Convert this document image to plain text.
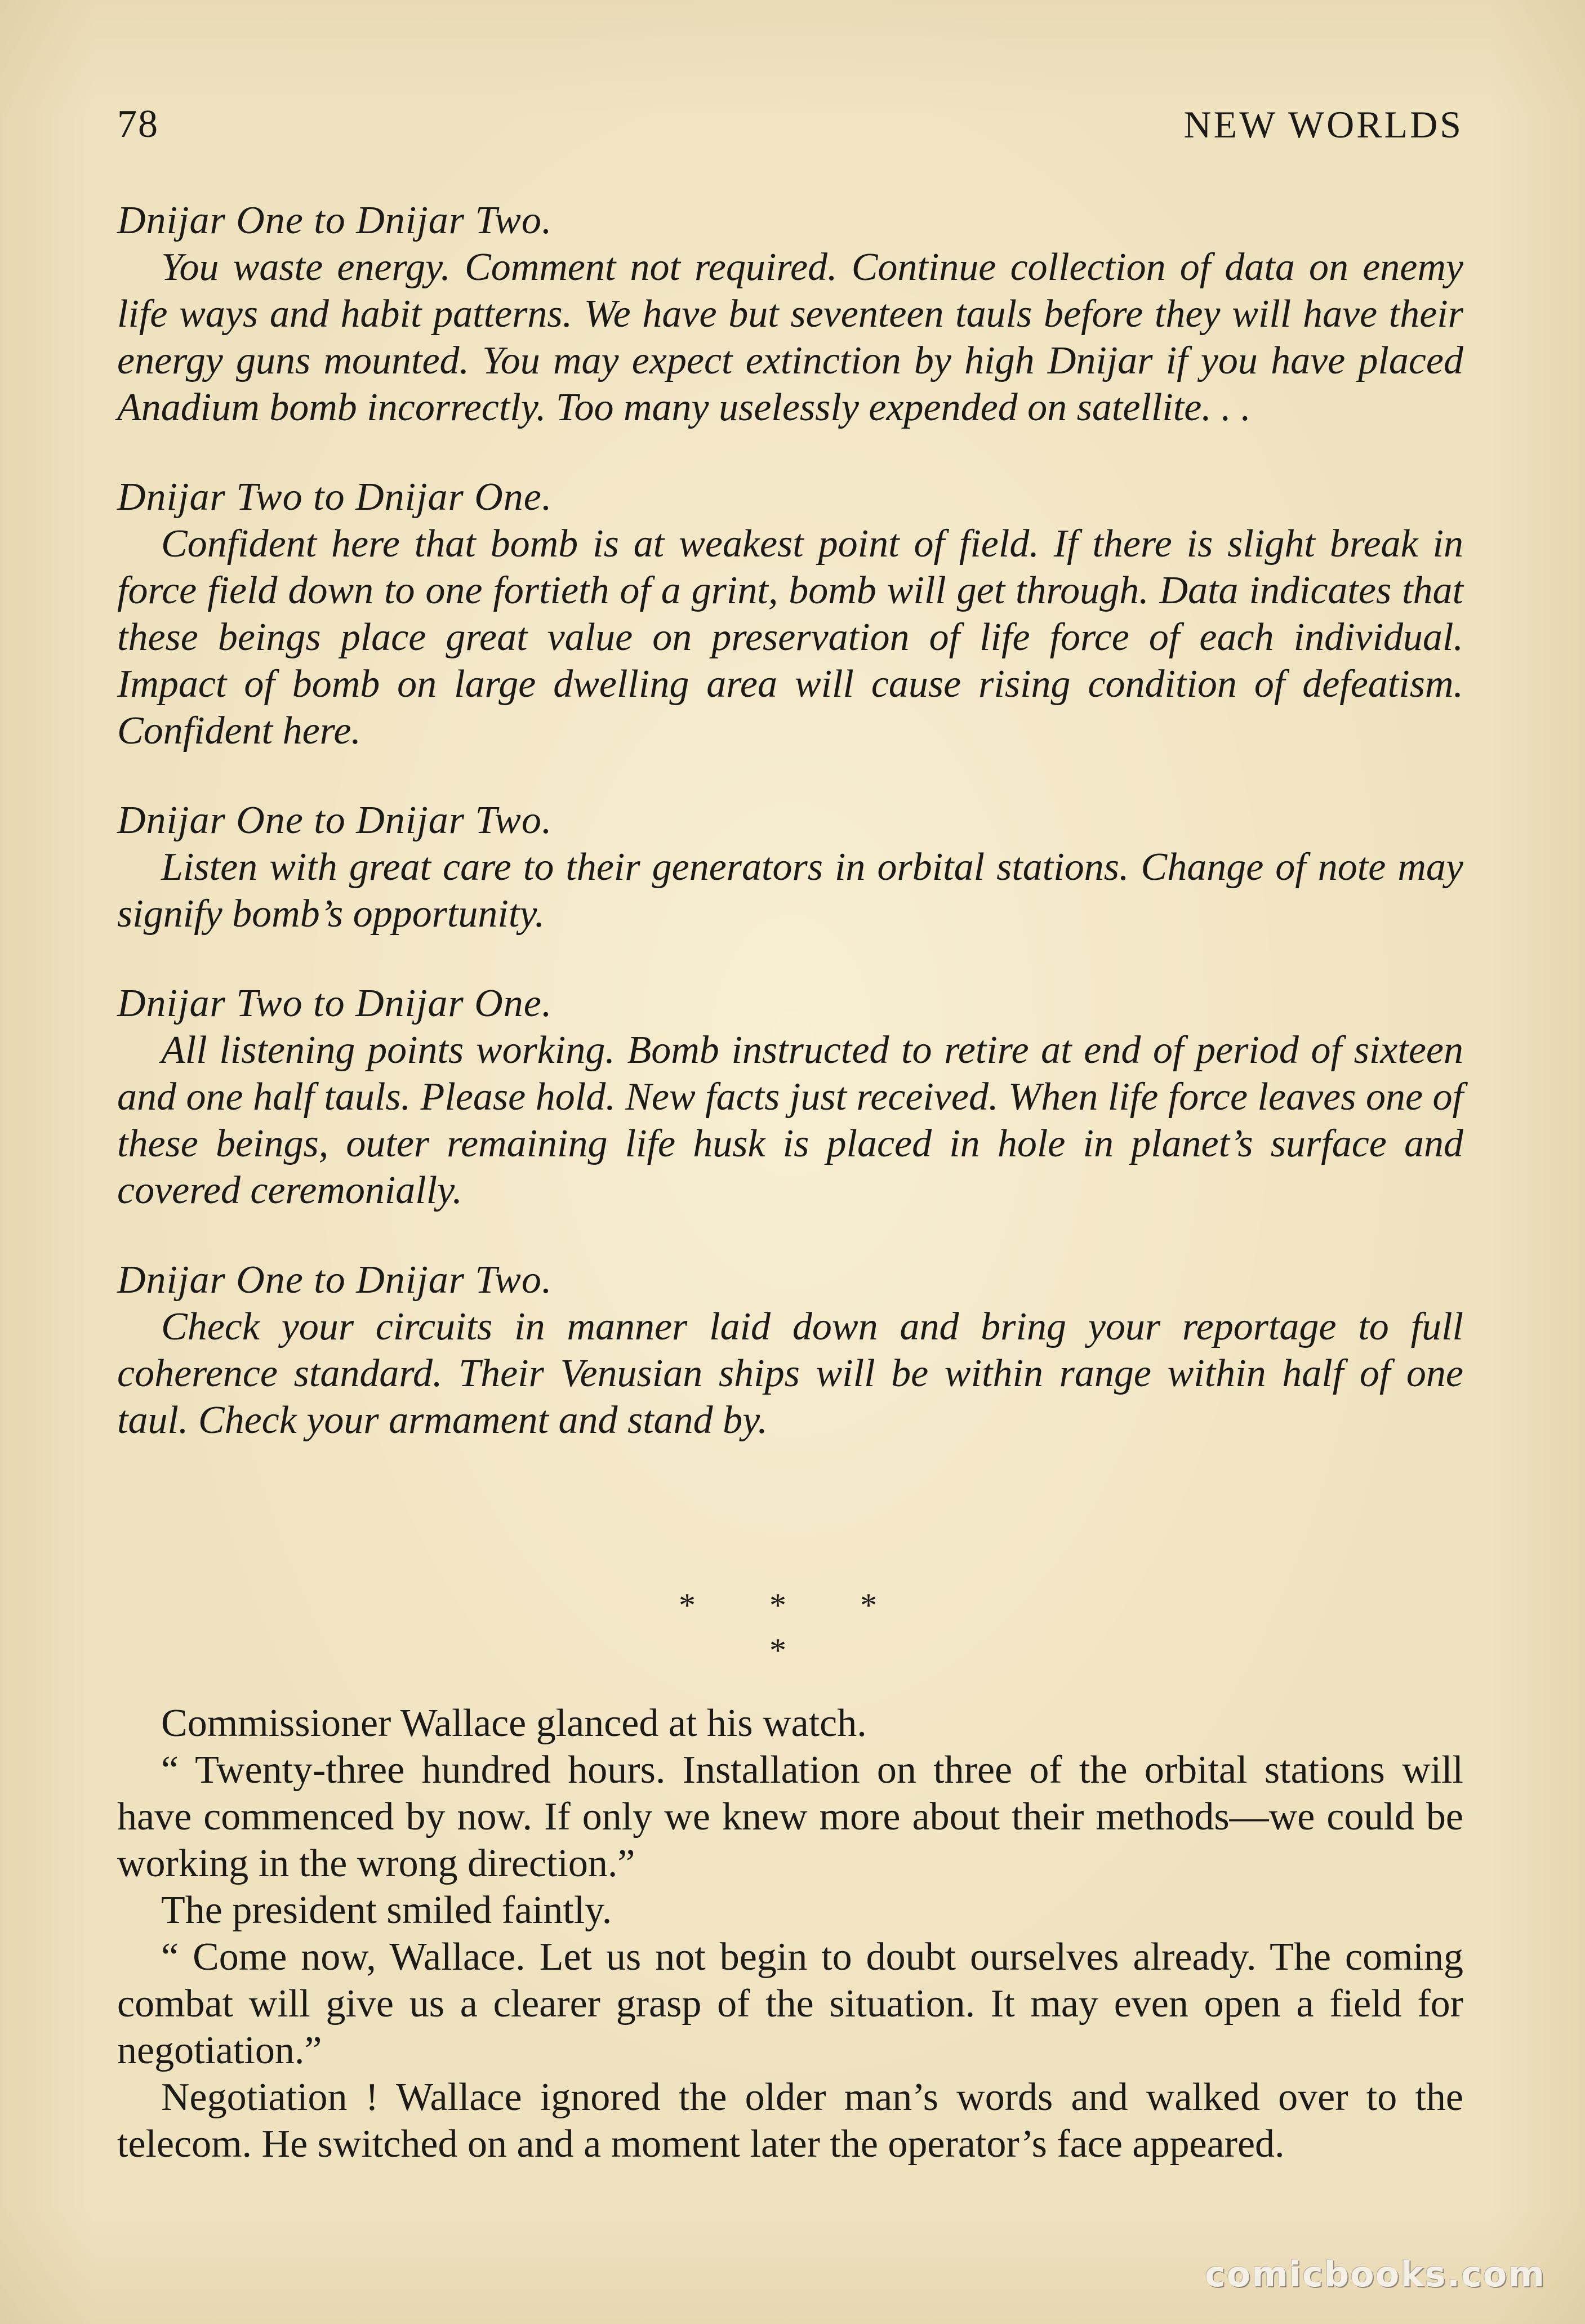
78	NEW WORLDS

Dnijar One to Dnijar Two.

You waste energy. Comment not required. Continue collection of data on enemy life ways and habit patterns. We have but seventeen tauls before they will have their energy guns mounted. You may expect extinction by high Dnijar if you have placed Anadium bomb incorrectly. Too many uselessly expended on satellite. . .

Dnijar Two to Dnijar One.

Confident here that bomb is at weakest point of field. If there is slight break in force field down to one fortieth of a grint, bomb will get through. Data indicates that these beings place great value on preservation of life force of each individual. Impact of bomb on large dwelling area will cause rising condition of defeatism. Confident here.

Dnijar One to Dnijar Two.

Listen with great care to their generators in orbital stations. Change of note may signify bomb’s opportunity.

Dnijar Two to Dnijar One.

All listening points working. Bomb instructed to retire at end of period of sixteen and one half tauls. Please hold. New facts just received. When life force leaves one of these beings, outer remaining life husk is placed in hole in planet’s surface and covered ceremonially.

Dnijar One to Dnijar Two.

Check your circuits in manner laid down and bring your reportage to full coherence standard. Their Venusian ships will be within range within half of one taul. Check your armament and stand by.

* * * *

Commissioner Wallace glanced at his watch.

“ Twenty-three hundred hours. Installation on three of the orbital stations will have commenced by now. If only we knew more about their methods—we could be working in the wrong direction.”

The president smiled faintly.

“ Come now, Wallace. Let us not begin to doubt ourselves already. The coming combat will give us a clearer grasp of the situation. It may even open a field for negotiation.”

Negotiation ! Wallace ignored the older man’s words and walked over to the telecom. He switched on and a moment later the operator’s face appeared.

comicbooks.com
